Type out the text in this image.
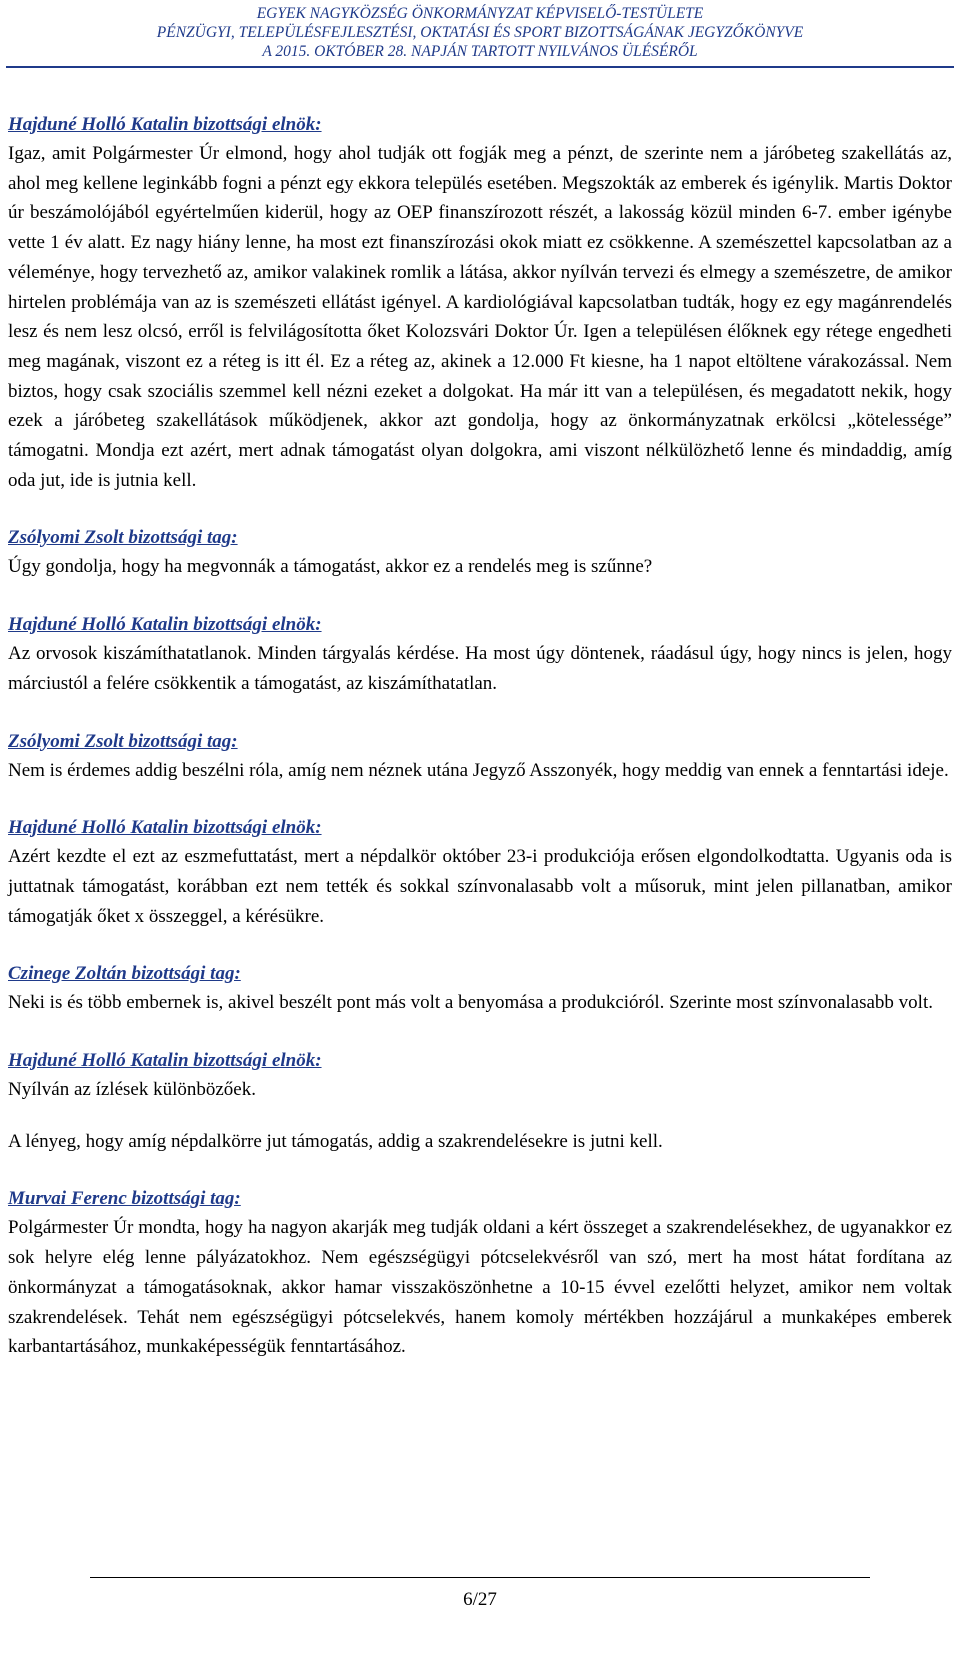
EGYEK NAGYKÖZSÉG ÖNKORMÁNYZAT KÉPVISELŐ-TESTÜLETE
PÉNZÜGYI, TELEPÜLÉSFEJLESZTÉSI, OKTATÁSI ÉS SPORT BIZOTTSÁGÁNAK JEGYZŐKÖNYVE
A 2015. OKTÓBER 28. NAPJÁN TARTOTT NYILVÁNOS ÜLÉSÉRŐL

Hajduné Holló Katalin bizottsági elnök:

Igaz, amit Polgármester Úr elmond, hogy ahol tudják ott fogják meg a pénzt, de szerinte nem a járóbeteg szakellátás az, ahol meg kellene leginkább fogni a pénzt egy ekkora település esetében. Megszokták az emberek és igénylik. Martis Doktor úr beszámolójából egyértelműen kiderül, hogy az OEP finanszírozott részét, a lakosság közül minden 6-7. ember igénybe vette 1 év alatt. Ez nagy hiány lenne, ha most ezt finanszírozási okok miatt ez csökkenne. A szemészettel kapcsolatban az a véleménye, hogy tervezhető az, amikor valakinek romlik a látása, akkor nyílván tervezi és elmegy a szemészetre, de amikor hirtelen problémája van az is szemészeti ellátást igényel. A kardiológiával kapcsolatban tudták, hogy ez egy magánrendelés lesz és nem lesz olcsó, erről is felvilágosította őket Kolozsvári Doktor Úr. Igen a településen élőknek egy rétege engedheti meg magának, viszont ez a réteg is itt él. Ez a réteg az, akinek a 12.000 Ft kiesne, ha 1 napot eltöltene várakozással. Nem biztos, hogy csak szociális szemmel kell nézni ezeket a dolgokat. Ha már itt van a településen, és megadatott nekik, hogy ezek a járóbeteg szakellátások működjenek, akkor azt gondolja, hogy az önkormányzatnak erkölcsi „kötelessége” támogatni. Mondja ezt azért, mert adnak támogatást olyan dolgokra, ami viszont nélkülözhető lenne és mindaddig, amíg oda jut, ide is jutnia kell.

Zsólyomi Zsolt bizottsági tag:

Úgy gondolja, hogy ha megvonnák a támogatást, akkor ez a rendelés meg is szűnne?

Hajduné Holló Katalin bizottsági elnök:

Az orvosok kiszámíthatatlanok. Minden tárgyalás kérdése. Ha most úgy döntenek, ráadásul úgy, hogy nincs is jelen, hogy márciustól a felére csökkentik a támogatást, az kiszámíthatatlan.

Zsólyomi Zsolt bizottsági tag:

Nem is érdemes addig beszélni róla, amíg nem néznek utána Jegyző Asszonyék, hogy meddig van ennek a fenntartási ideje.

Hajduné Holló Katalin bizottsági elnök:

Azért kezdte el ezt az eszmefuttatást, mert a népdalkör október 23-i produkciója erősen elgondolkodtatta. Ugyanis oda is juttatnak támogatást, korábban ezt nem tették és sokkal színvonalasabb volt a műsoruk, mint jelen pillanatban, amikor támogatják őket x összeggel, a kérésükre.

Czinege Zoltán bizottsági tag:

Neki is és több embernek is, akivel beszélt pont más volt a benyomása a produkcióról. Szerinte most színvonalasabb volt.

Hajduné Holló Katalin bizottsági elnök:

Nyílván az ízlések különbözőek.

A lényeg, hogy amíg népdalkörre jut támogatás, addig a szakrendelésekre is jutni kell.

Murvai Ferenc bizottsági tag:

Polgármester Úr mondta, hogy ha nagyon akarják meg tudják oldani a kért összeget a szakrendelésekhez, de ugyanakkor ez sok helyre elég lenne pályázatokhoz. Nem egészségügyi pótcselekvésről van szó, mert ha most hátat fordítana az önkormányzat a támogatásoknak, akkor hamar visszaköszönhetne a 10-15 évvel ezelőtti helyzet, amikor nem voltak szakrendelések. Tehát nem egészségügyi pótcselekvés, hanem komoly mértékben hozzájárul a munkaképes emberek karbantartásához, munkaképességük fenntartásához.

6/27
